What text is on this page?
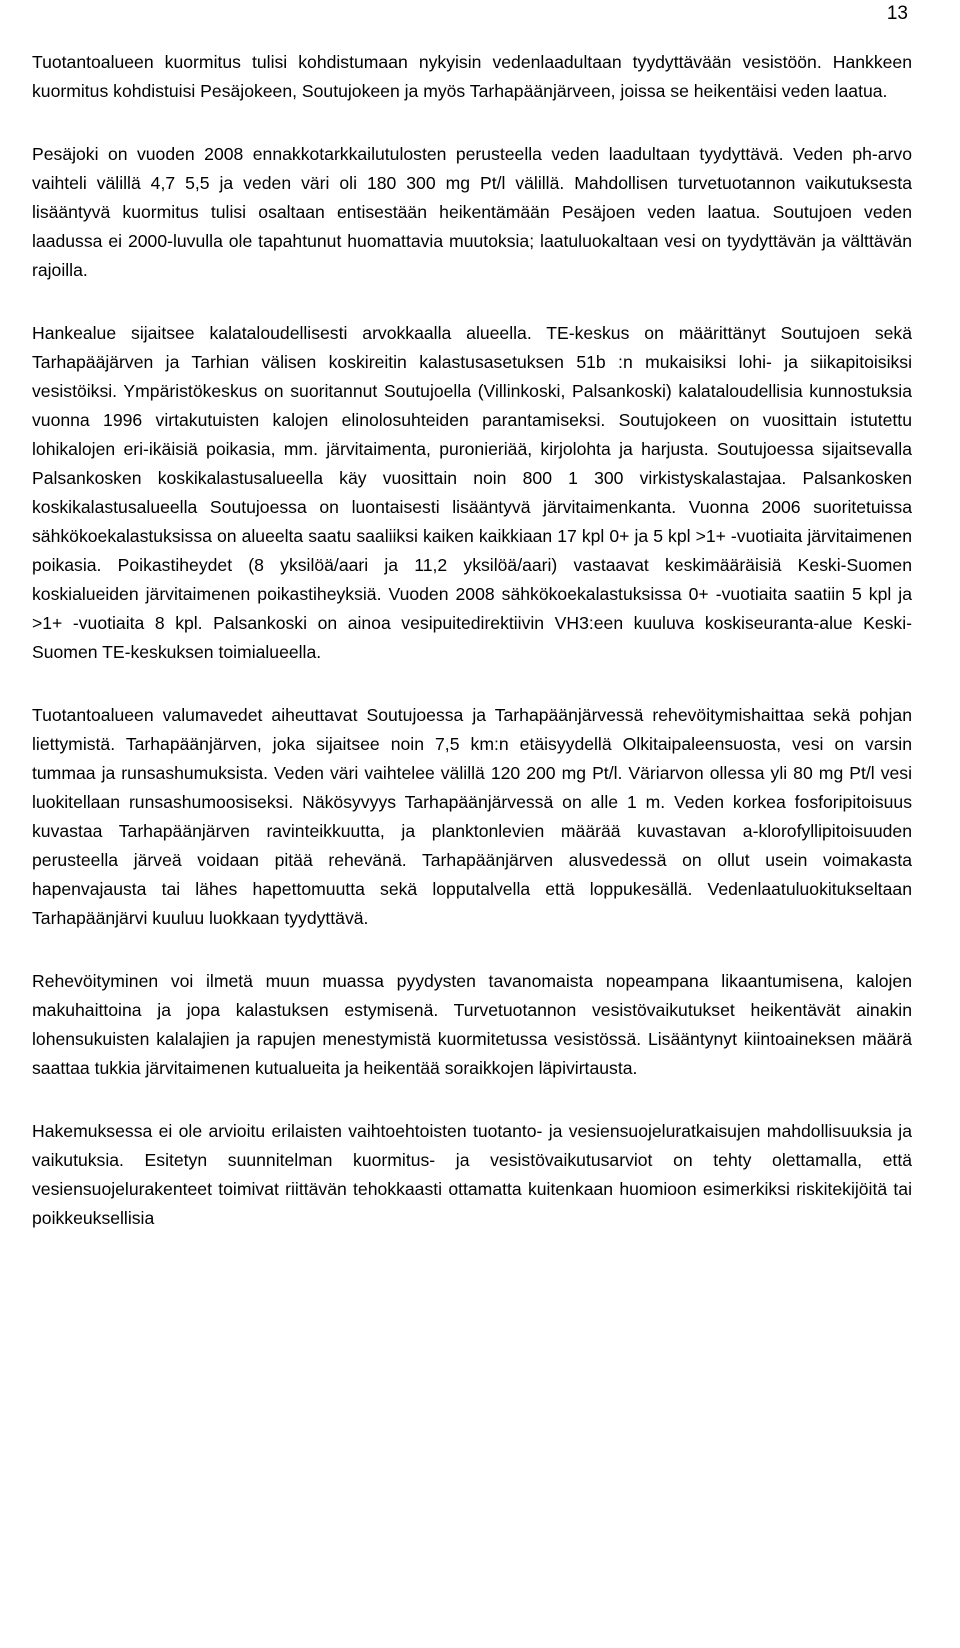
13

Tuotantoalueen kuormitus tulisi kohdistumaan nykyisin vedenlaadultaan tyydyttävään vesistöön. Hankkeen kuormitus kohdistuisi Pesäjokeen, Soutujokeen ja myös Tarhapäänjärveen, joissa se heikentäisi veden laatua.

Pesäjoki on vuoden 2008 ennakkotarkkailutulosten perusteella veden laadultaan tyydyttävä. Veden ph-arvo vaihteli välillä 4,7 5,5 ja veden väri oli 180 300 mg Pt/l välillä. Mahdollisen turvetuotannon vaikutuksesta lisääntyvä kuormitus tulisi osaltaan entisestään heikentämään Pesäjoen veden laatua. Soutujoen veden laadussa ei 2000-luvulla ole tapahtunut huomattavia muutoksia; laatuluokaltaan vesi on tyydyttävän ja välttävän rajoilla.

Hankealue sijaitsee kalataloudellisesti arvokkaalla alueella. TE-keskus on määrittänyt Soutujoen sekä Tarhapääjärven ja Tarhian välisen koskireitin kalastusasetuksen 51b :n mukaisiksi lohi- ja siikapitoisiksi vesistöiksi. Ympäristökeskus on suoritannut Soutujoella (Villinkoski, Palsankoski) kalataloudellisia kunnostuksia vuonna 1996 virtakutuisten kalojen elinolosuhteiden parantamiseksi. Soutujokeen on vuosittain istutettu lohikalojen eri-ikäisiä poikasia, mm. järvitaimenta, puronieriää, kirjolohta ja harjusta. Soutujoessa sijaitsevalla Palsankosken koskikalastusalueella käy vuosittain noin 800 1 300 virkistyskalastajaa. Palsankosken koskikalastusalueella Soutujoessa on luontaisesti lisääntyvä järvitaimenkanta. Vuonna 2006 suoritetuissa sähkökoekalastuksissa on alueelta saatu saaliiksi kaiken kaikkiaan 17 kpl 0+ ja 5 kpl >1+ -vuotiaita järvitaimenen poikasia. Poikastiheydet (8 yksilöä/aari ja 11,2 yksilöä/aari) vastaavat keskimääräisiä Keski-Suomen koskialueiden järvitaimenen poikastiheyksiä. Vuoden 2008 sähkökoekalastuksissa 0+ -vuotiaita saatiin 5 kpl ja >1+ -vuotiaita 8 kpl. Palsankoski on ainoa vesipuitedirektiivin VH3:een kuuluva koskiseuranta-alue Keski-Suomen TE-keskuksen toimialueella.

Tuotantoalueen valumavedet aiheuttavat Soutujoessa ja Tarhapäänjärvessä rehevöitymishaittaa sekä pohjan liettymistä. Tarhapäänjärven, joka sijaitsee noin 7,5 km:n etäisyydellä Olkitaipaleensuosta, vesi on varsin tummaa ja runsashumuksista. Veden väri vaihtelee välillä 120 200 mg Pt/l. Väriarvon ollessa yli 80 mg Pt/l vesi luokitellaan runsashumoosiseksi. Näkösyvyys Tarhapäänjärvessä on alle 1 m. Veden korkea fosforipitoisuus kuvastaa Tarhapäänjärven ravinteikkuutta, ja planktonlevien määrää kuvastavan a-klorofyllipitoisuuden perusteella järveä voidaan pitää rehevänä. Tarhapäänjärven alusvedessä on ollut usein voimakasta hapenvajausta tai lähes hapettomuutta sekä lopputalvella että loppukesällä. Vedenlaatuluokitukseltaan Tarhapäänjärvi kuuluu luokkaan tyydyttävä.

Rehevöityminen voi ilmetä muun muassa pyydysten tavanomaista nopeampana likaantumisena, kalojen makuhaittoina ja jopa kalastuksen estymisenä. Turvetuotannon vesistövaikutukset heikentävät ainakin lohensukuisten kalalajien ja rapujen menestymistä kuormitetussa vesistössä. Lisääntynyt kiintoaineksen määrä saattaa tukkia järvitaimenen kutualueita ja heikentää soraikkojen läpivirtausta.

Hakemuksessa ei ole arvioitu erilaisten vaihtoehtoisten tuotanto- ja vesiensuojeluratkaisujen mahdollisuuksia ja vaikutuksia. Esitetyn suunnitelman kuormitus- ja vesistövaikutusarviot on tehty olettamalla, että vesiensuojelurakenteet toimivat riittävän tehokkaasti ottamatta kuitenkaan huomioon esimerkiksi riskitekijöitä tai poikkeuksellisia
